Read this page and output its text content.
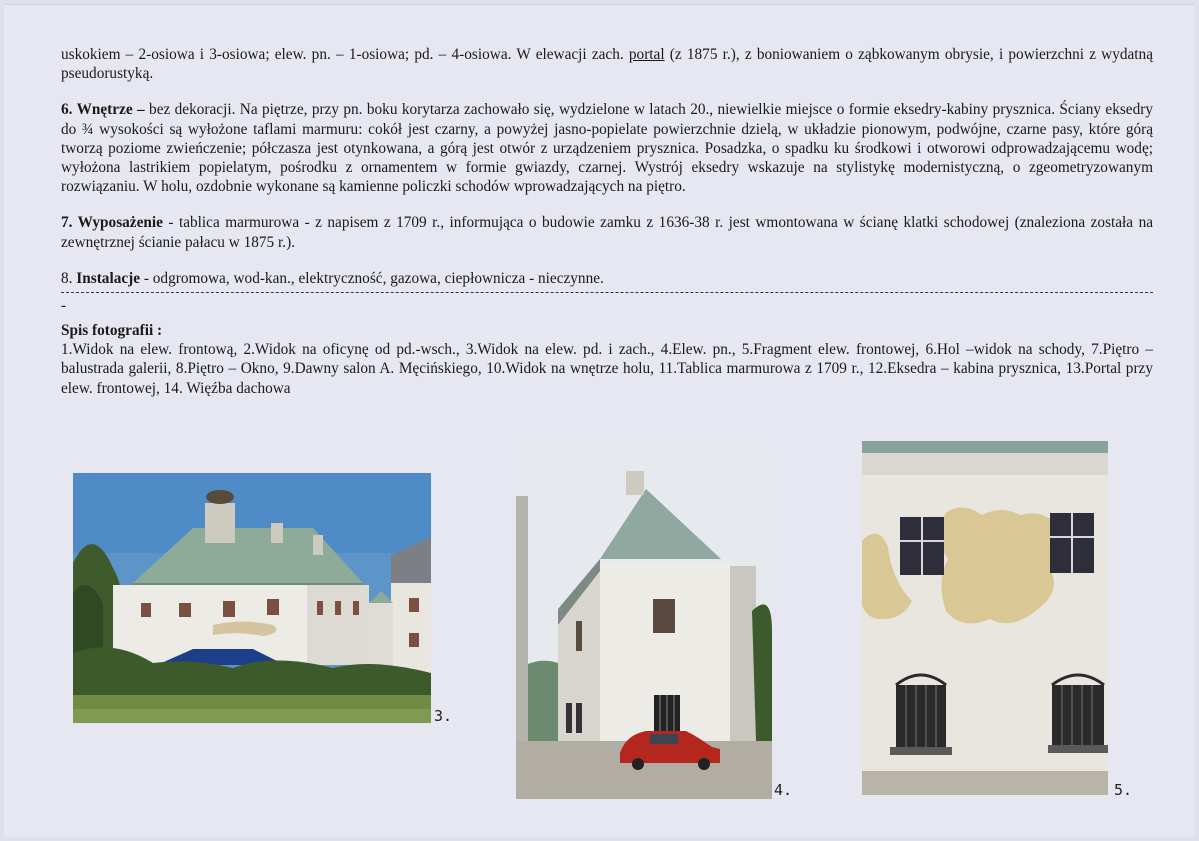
uskokiem – 2-osiowa i 3-osiowa; elew. pn. – 1-osiowa; pd. – 4-osiowa. W elewacji zach. portal (z 1875 r.), z boniowaniem o ząbkowanym obrysie, i powierzchni z wydatną pseudorustyką.

6. Wnętrze – bez dekoracji. Na piętrze, przy pn. boku korytarza zachowało się, wydzielone w latach 20., niewielkie miejsce o formie eksedry-kabiny prysznica. Ściany eksedry do ¾ wysokości są wyłożone taflami marmuru: cokół jest czarny, a powyżej jasno-popielate powierzchnie dzielą, w układzie pionowym, podwójne, czarne pasy, które górą tworzą poziome zwieńczenie; półczasza jest otynkowana, a górą jest otwór z urządzeniem prysznica. Posadzka, o spadku ku środkowi i otworowi odprowadzającemu wodę; wyłożona lastrikiem popielatym, pośrodku z ornamentem w formie gwiazdy, czarnej. Wystrój eksedry wskazuje na stylistykę modernistyczną, o zgeometryzowanym rozwiązaniu. W holu, ozdobnie wykonane są kamienne policzki schodów wprowadzających na piętro.

7. Wyposażenie - tablica marmurowa - z napisem z 1709 r., informująca o budowie zamku z 1636-38 r. jest wmontowana w ścianę klatki schodowej (znaleziona została na zewnętrznej ścianie pałacu w 1875 r.).

8. Instalacje - odgromowa, wod-kan., elektryczność, gazowa, ciepłownicza - nieczynne.

-

Spis fotografii :
1.Widok na elew. frontową, 2.Widok na oficynę od pd.-wsch., 3.Widok na elew. pd. i zach., 4.Elew. pn., 5.Fragment elew. frontowej, 6.Hol –widok na schody, 7.Piętro – balustrada galerii, 8.Piętro – Okno, 9.Dawny salon A. Męcińskiego, 10.Widok na wnętrze holu, 11.Tablica marmurowa z 1709 r., 12.Eksedra – kabina prysznica, 13.Portal przy elew. frontowej, 14. Więźba dachowa

3.
4.	5.
